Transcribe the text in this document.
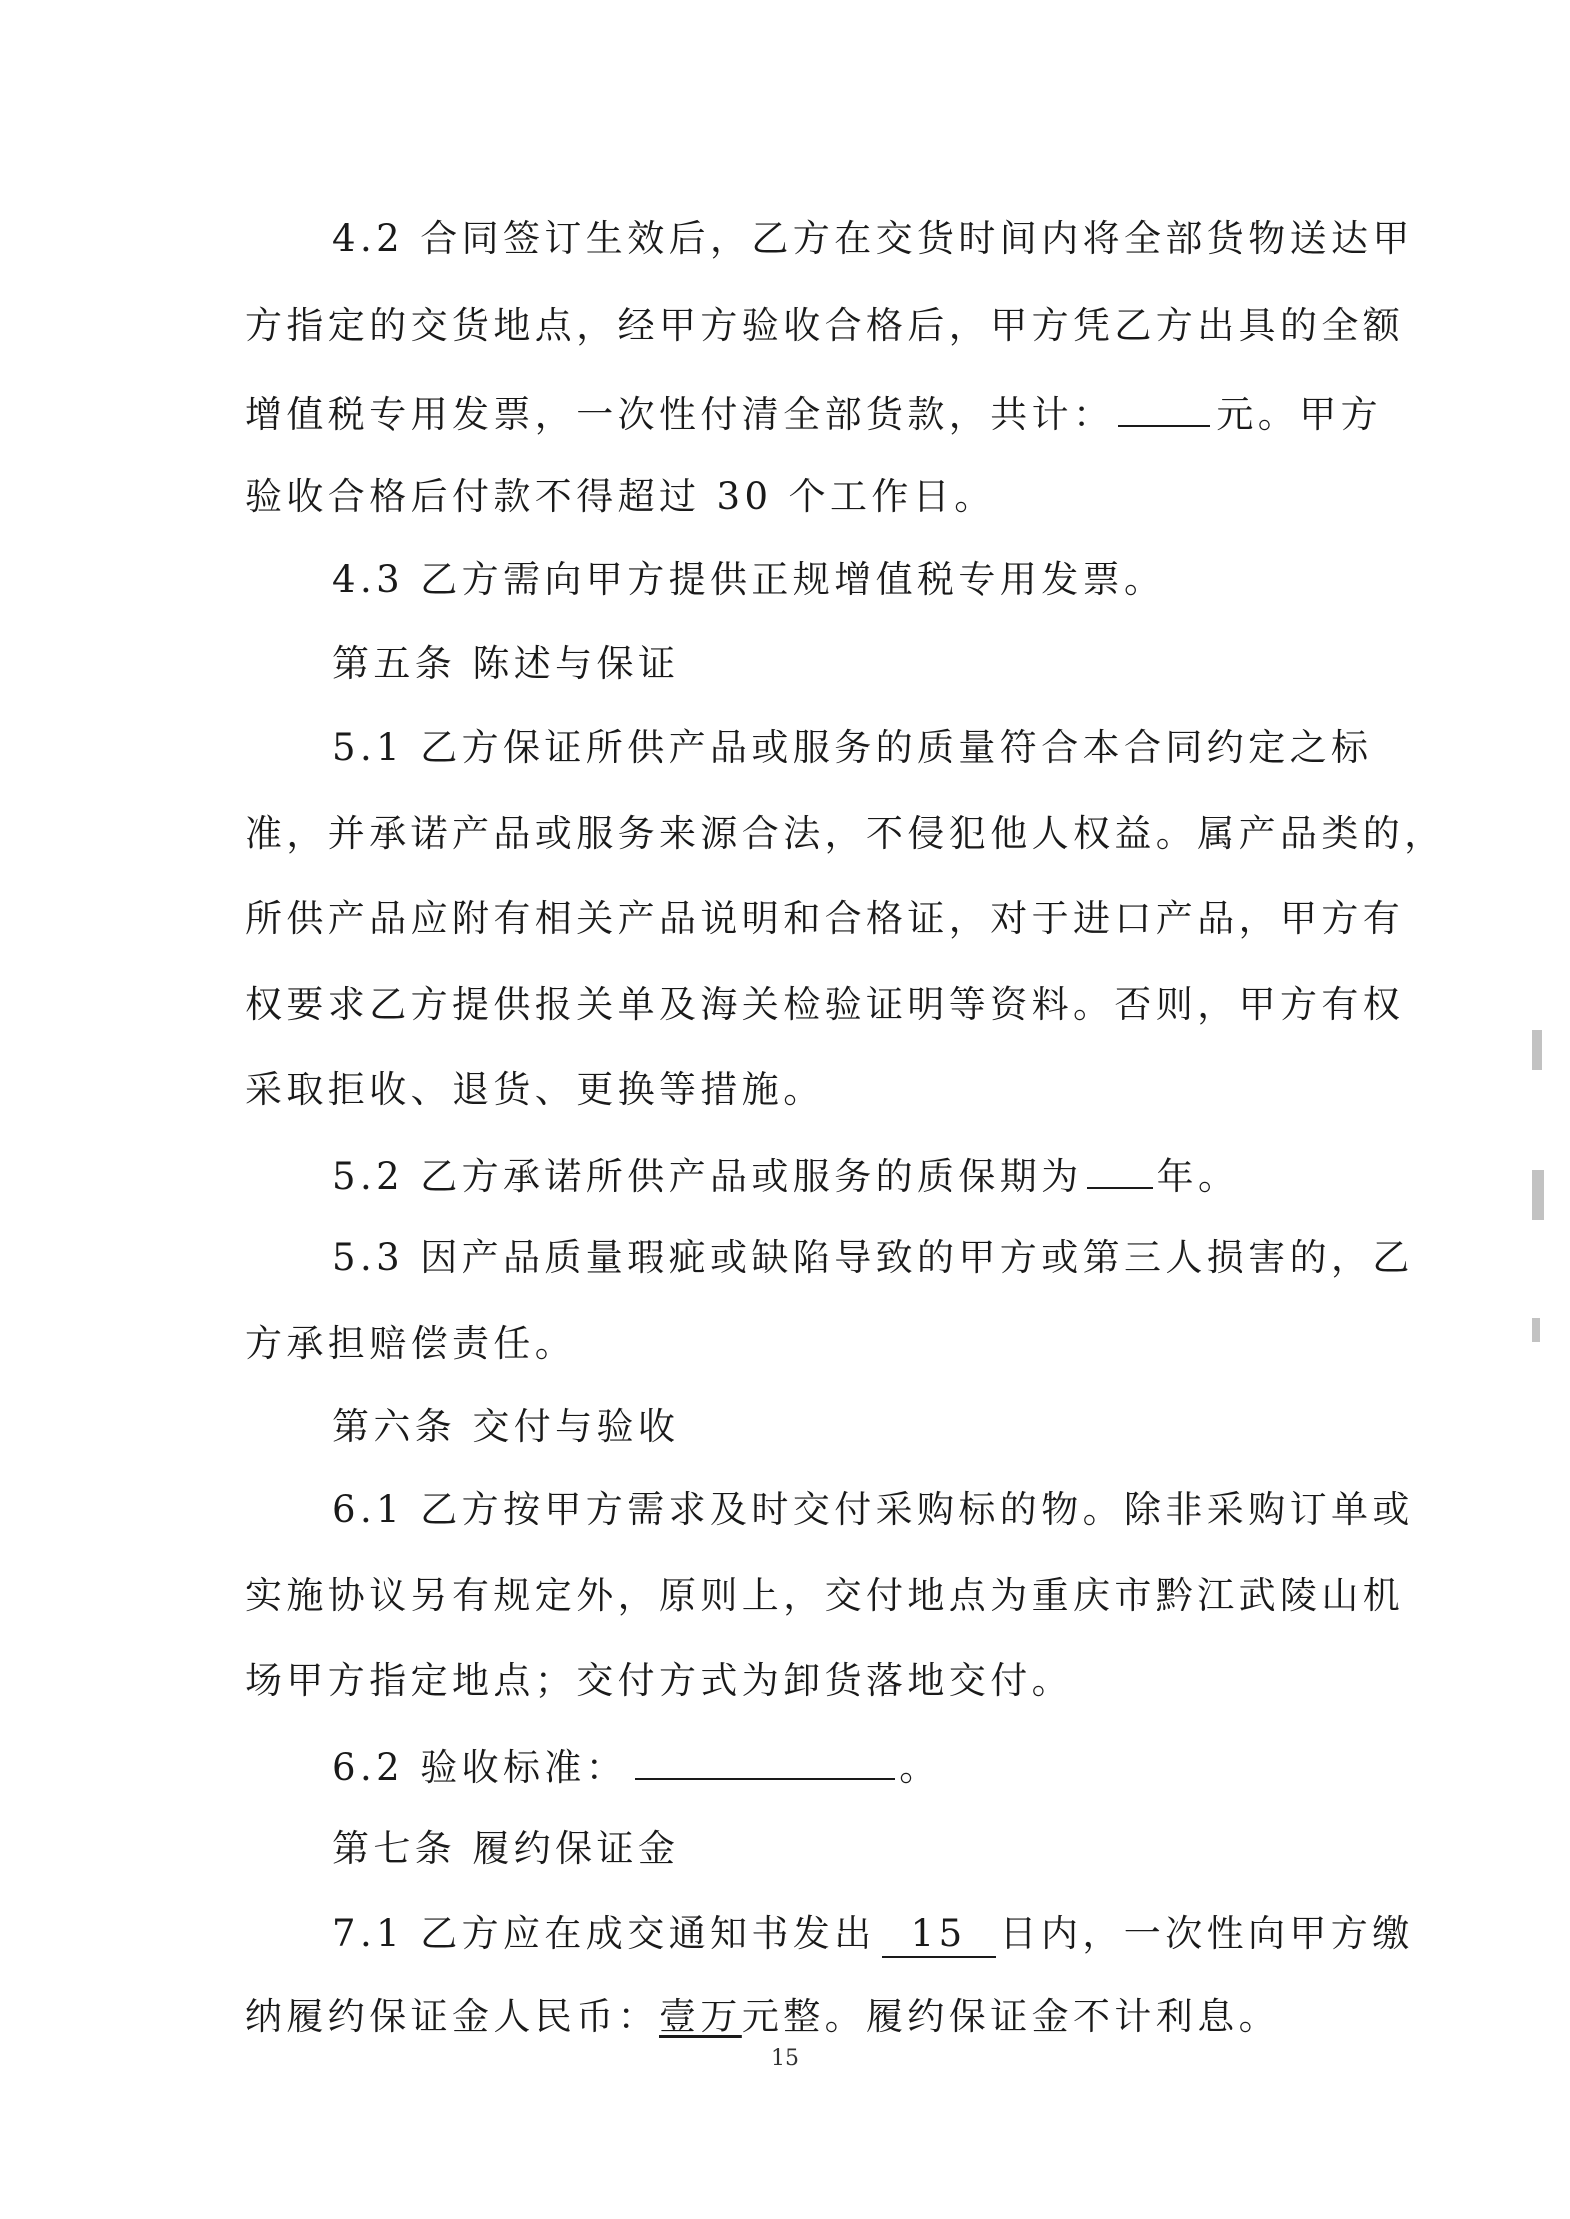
4.2 合同签订生效后，乙方在交货时间内将全部货物送达甲
方指定的交货地点，经甲方验收合格后，甲方凭乙方出具的全额
增值税专用发票，一次性付清全部货款，共计：	元。甲方
验收合格后付款不得超过 30 个工作日。
4.3 乙方需向甲方提供正规增值税专用发票。
第五条 陈述与保证
5.1 乙方保证所供产品或服务的质量符合本合同约定之标
准，并承诺产品或服务来源合法，不侵犯他人权益。属产品类的，
所供产品应附有相关产品说明和合格证，对于进口产品，甲方有
权要求乙方提供报关单及海关检验证明等资料。否则，甲方有权
采取拒收、退货、更换等措施。
5.2 乙方承诺所供产品或服务的质保期为 年。
5.3 因产品质量瑕疵或缺陷导致的甲方或第三人损害的，乙
方承担赔偿责任。
第六条 交付与验收
6.1 乙方按甲方需求及时交付采购标的物。除非采购订单或
实施协议另有规定外，原则上，交付地点为重庆市黔江武陵山机
场甲方指定地点；交付方式为卸货落地交付。
6.2 验收标准：	。
第七条 履约保证金
7.1 乙方应在成交通知书发出 15 日内，一次性向甲方缴
纳履约保证金人民币：壹万元整。履约保证金不计利息。
15
